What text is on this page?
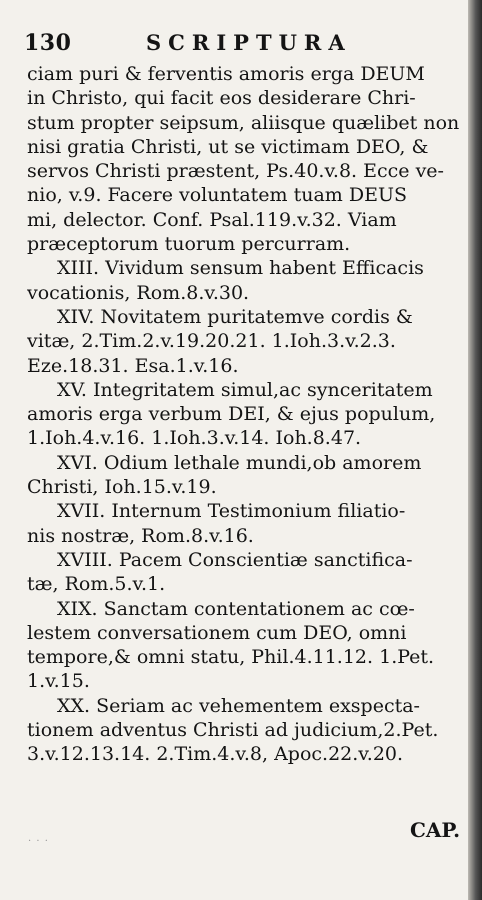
130	SCRIPTURA
ciam puri & ferventis amoris erga DEUM
in Christo, qui facit eos desiderare Chri-
stum propter seipsum, aliisque quælibet non
nisi gratia Christi, ut se victimam DEO, &
servos Christi præstent, Ps.40.v.8. Ecce ve-
nio, v.9. Facere voluntatem tuam DEUS
mi, delector. Conf. Psal.119.v.32. Viam
præceptorum tuorum percurram.
XIII. Vividum sensum habent Efficacis
vocationis, Rom.8.v.30.
XIV. Novitatem puritatemve cordis &
vitæ, 2.Tim.2.v.19.20.21. 1.Ioh.3.v.2.3.
Eze.18.31. Esa.1.v.16.
XV. Integritatem simul,ac synceritatem
amoris erga verbum DEI, & ejus populum,
1.Ioh.4.v.16. 1.Ioh.3.v.14. Ioh.8.47.
XVI. Odium lethale mundi,ob amorem
Christi, Ioh.15.v.19.
XVII. Internum Testimonium filiatio-
nis nostræ, Rom.8.v.16.
XVIII. Pacem Conscientiæ sanctifica-
tæ, Rom.5.v.1.
XIX. Sanctam contentationem ac cœ-
lestem conversationem cum DEO, omni
tempore,& omni statu, Phil.4.11.12. 1.Pet.
1.v.15.
XX. Seriam ac vehementem exspecta-
tionem adventus Christi ad judicium,2.Pet.
3.v.12.13.14. 2.Tim.4.v.8, Apoc.22.v.20.
CAP.
· · ·
